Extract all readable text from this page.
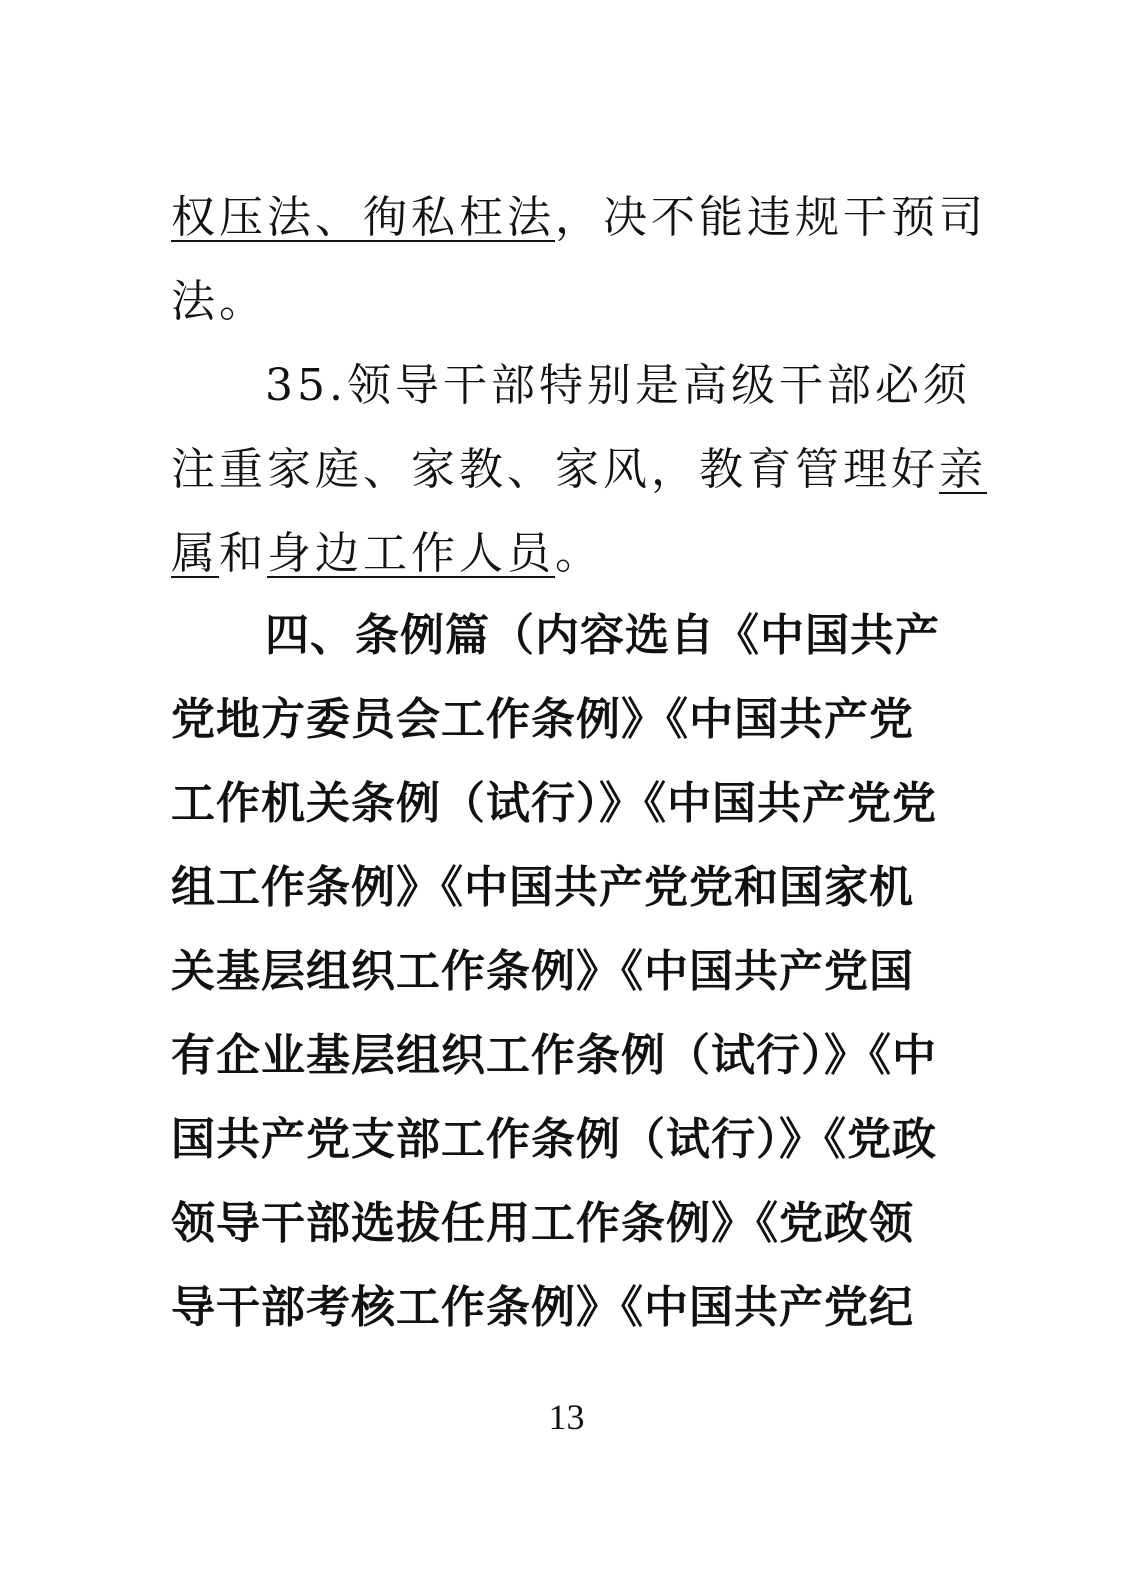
权压法、徇私枉法，决不能违规干预司
法。
35.领导干部特别是高级干部必须
注重家庭、家教、家风，教育管理好亲
属和身边工作人员。
四、条例篇（内容选自《中国共产
党地方委员会工作条例》《中国共产党
工作机关条例（试行）》《中国共产党党
组工作条例》《中国共产党党和国家机
关基层组织工作条例》《中国共产党国
有企业基层组织工作条例（试行）》《中
国共产党支部工作条例（试行）》《党政
领导干部选拔任用工作条例》《党政领
导干部考核工作条例》《中国共产党纪
13
